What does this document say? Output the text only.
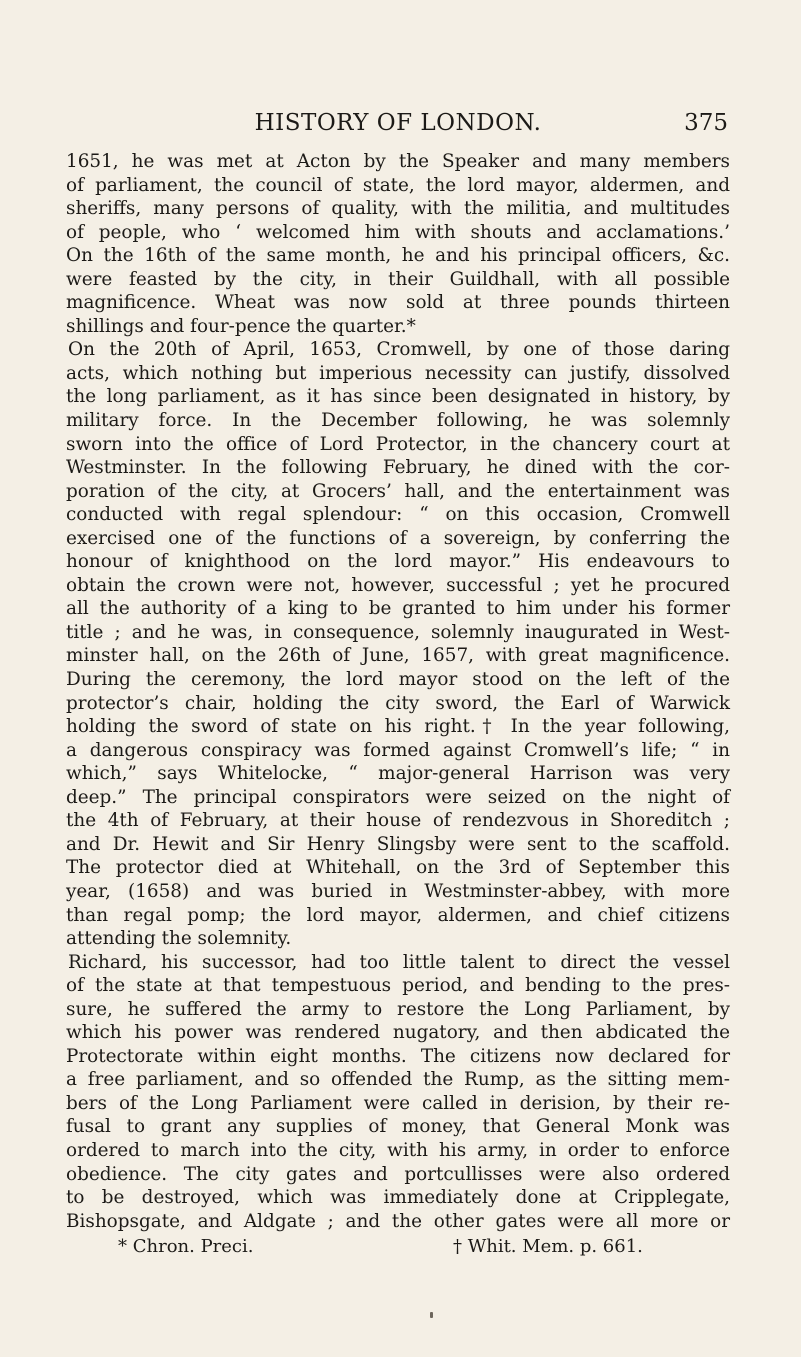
HISTORY OF LONDON.	375
1651, he was met at Acton by the Speaker and many members
of parliament, the council of state, the lord mayor, aldermen, and
sheriffs, many persons of quality, with the militia, and multitudes
of people, who ‘ welcomed him with shouts and acclamations.’
On the 16th of the same month, he and his principal officers, &c.
were feasted by the city, in their Guildhall, with all possible
magnificence. Wheat was now sold at three pounds thirteen
shillings and four-pence the quarter.*
On the 20th of April, 1653, Cromwell, by one of those daring
acts, which nothing but imperious necessity can justify, dissolved
the long parliament, as it has since been designated in history, by
military force. In the December following, he was solemnly
sworn into the office of Lord Protector, in the chancery court at
Westminster. In the following February, he dined with the cor-
poration of the city, at Grocers’ hall, and the entertainment was
conducted with regal splendour: “ on this occasion, Cromwell
exercised one of the functions of a sovereign, by conferring the
honour of knighthood on the lord mayor.” His endeavours to
obtain the crown were not, however, successful ; yet he procured
all the authority of a king to be granted to him under his former
title ; and he was, in consequence, solemnly inaugurated in West-
minster hall, on the 26th of June, 1657, with great magnificence.
During the ceremony, the lord mayor stood on the left of the
protector’s chair, holding the city sword, the Earl of Warwick
holding the sword of state on his right.† In the year following,
a dangerous conspiracy was formed against Cromwell’s life; “ in
which,” says Whitelocke, “ major-general Harrison was very
deep.” The principal conspirators were seized on the night of
the 4th of February, at their house of rendezvous in Shoreditch ;
and Dr. Hewit and Sir Henry Slingsby were sent to the scaffold.
The protector died at Whitehall, on the 3rd of September this
year, (1658) and was buried in Westminster-abbey, with more
than regal pomp; the lord mayor, aldermen, and chief citizens
attending the solemnity.
Richard, his successor, had too little talent to direct the vessel
of the state at that tempestuous period, and bending to the pres-
sure, he suffered the army to restore the Long Parliament, by
which his power was rendered nugatory, and then abdicated the
Protectorate within eight months. The citizens now declared for
a free parliament, and so offended the Rump, as the sitting mem-
bers of the Long Parliament were called in derision, by their re-
fusal to grant any supplies of money, that General Monk was
ordered to march into the city, with his army, in order to enforce
obedience. The city gates and portcullisses were also ordered
to be destroyed, which was immediately done at Cripplegate,
Bishopsgate, and Aldgate ; and the other gates were all more or
* Chron. Preci.	† Whit. Mem. p. 661.
